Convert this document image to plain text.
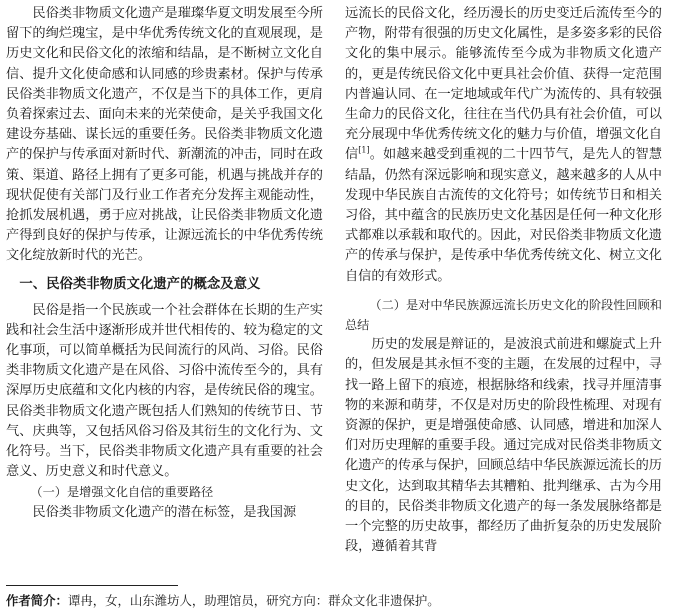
民俗类非物质文化遗产是璀璨华夏文明发展至今所留下的绚烂瑰宝，是中华优秀传统文化的直观展现，是历史文化和民俗文化的浓缩和结晶，是不断树立文化自信、提升文化使命感和认同感的珍贵素材。保护与传承民俗类非物质文化遗产，不仅是当下的具体工作，更肩负着探索过去、面向未来的光荣使命，是关乎我国文化建设夯基础、谋长远的重要任务。民俗类非物质文化遗产的保护与传承面对新时代、新潮流的冲击，同时在政策、渠道、路径上拥有了更多可能，机遇与挑战并存的现状促使有关部门及行业工作者充分发挥主观能动性，抢抓发展机遇，勇于应对挑战，让民俗类非物质文化遗产得到良好的保护与传承，让源远流长的中华优秀传统文化绽放新时代的光芒。

一、民俗类非物质文化遗产的概念及意义

民俗是指一个民族或一个社会群体在长期的生产实践和社会生活中逐渐形成并世代相传的、较为稳定的文化事项，可以简单概括为民间流行的风尚、习俗。民俗类非物质文化遗产是在风俗、习俗中流传至今的，具有深厚历史底蕴和文化内核的内容，是传统民俗的瑰宝。民俗类非物质文化遗产既包括人们熟知的传统节日、节气、庆典等，又包括风俗习俗及其衍生的文化行为、文化符号。当下，民俗类非物质文化遗产具有重要的社会意义、历史意义和时代意义。

（一）是增强文化自信的重要路径

民俗类非物质文化遗产的潜在标签，是我国源

远流长的民俗文化，经历漫长的历史变迁后流传至今的产物，附带有很强的历史文化属性，是多姿多彩的民俗文化的集中展示。能够流传至今成为非物质文化遗产的，更是传统民俗文化中更具社会价值、获得一定范围内普遍认同、在一定地域或年代广为流传的、具有较强生命力的民俗文化，往往在当代仍具有社会价值，可以充分展现中华优秀传统文化的魅力与价值，增强文化自信[1]。如越来越受到重视的二十四节气，是先人的智慧结晶，仍然有深远影响和现实意义，越来越多的人从中发现中华民族自古流传的文化符号；如传统节日和相关习俗，其中蕴含的民族历史文化基因是任何一种文化形式都难以承载和取代的。因此，对民俗类非物质文化遗产的传承与保护，是传承中华优秀传统文化、树立文化自信的有效形式。

（二）是对中华民族源远流长历史文化的阶段性回顾和总结

历史的发展是辩证的，是波浪式前进和螺旋式上升的，但发展是其永恒不变的主题，在发展的过程中，寻找一路上留下的痕迹，根据脉络和线索，找寻并厘清事物的来源和萌芽，不仅是对历史的阶段性梳理、对现有资源的保护，更是增强使命感、认同感，增进和加深人们对历史理解的重要手段。通过完成对民俗类非物质文化遗产的传承与保护，回顾总结中华民族源远流长的历史文化，达到取其精华去其糟粕、批判继承、古为今用的目的，民俗类非物质文化遗产的每一条发展脉络都是一个完整的历史故事，都经历了曲折复杂的历史发展阶段，遵循着其背

作者简介：谭冉，女，山东潍坊人，助理馆员，研究方向：群众文化非遗保护。
